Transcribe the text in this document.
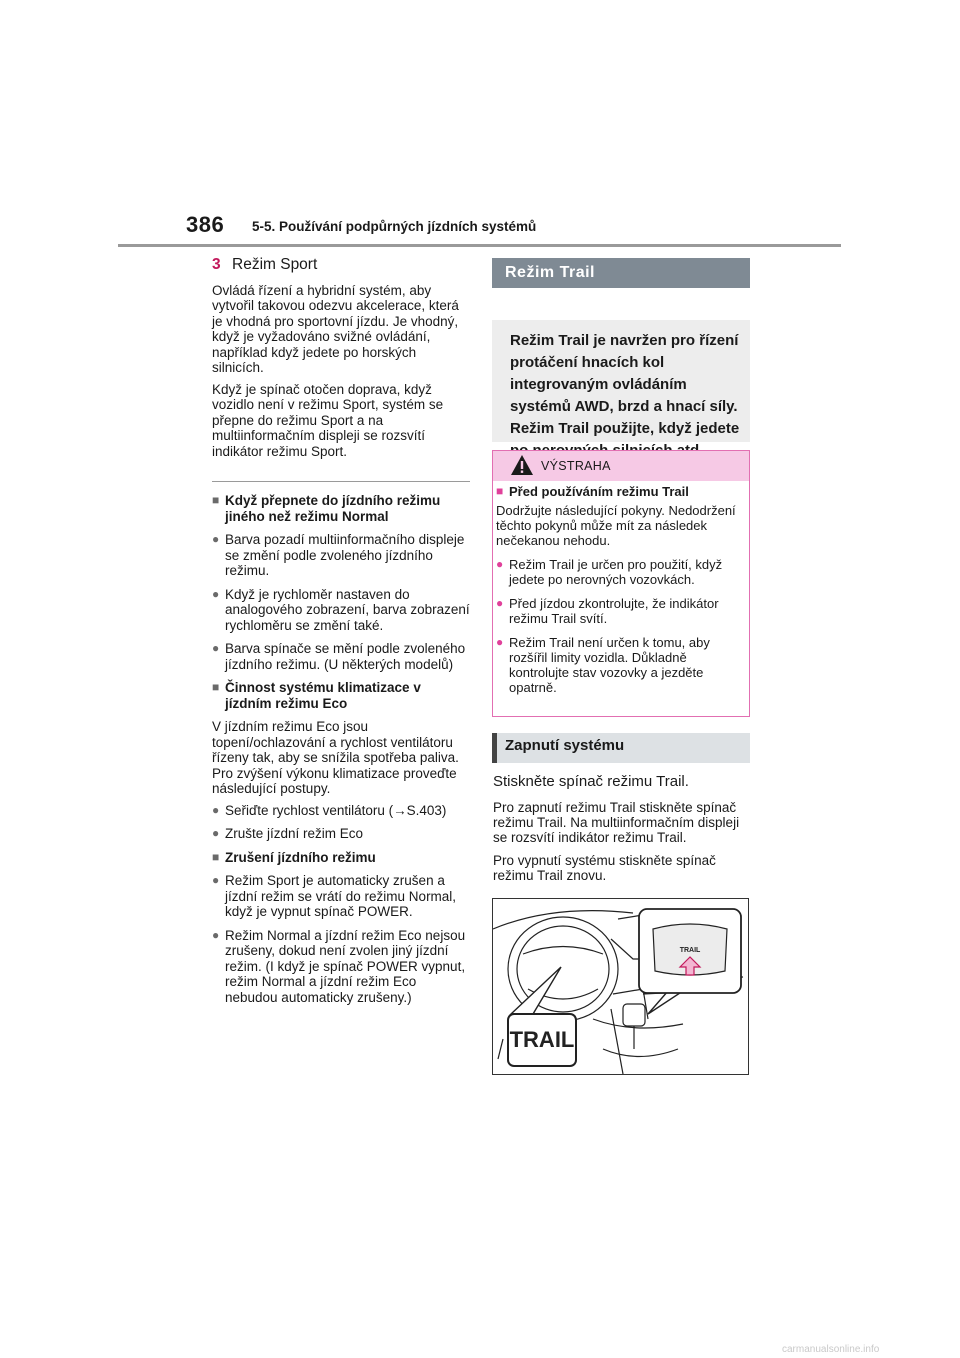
386 5-5. Používání podpůrných jízdních systémů
3 Režim Sport
Ovládá řízení a hybridní systém, aby vytvořil takovou odezvu akcelerace, která je vhodná pro sportovní jízdu. Je vhodný, když je vyžadováno svižné ovládání, například když jedete po horských silnicích.
Když je spínač otočen doprava, když vozidlo není v režimu Sport, systém se přepne do režimu Sport a na multiinformačním displeji se rozsvítí indikátor režimu Sport.
■ Když přepnete do jízdního režimu jiného než režimu Normal
● Barva pozadí multiinformačního displeje se změní podle zvoleného jízdního režimu.
● Když je rychloměr nastaven do analogového zobrazení, barva zobrazení rychloměru se změní také.
● Barva spínače se mění podle zvoleného jízdního režimu. (U některých modelů)
■ Činnost systému klimatizace v jízdním režimu Eco
V jízdním režimu Eco jsou topení/ochlazování a rychlost ventilátoru řízeny tak, aby se snížila spotřeba paliva. Pro zvýšení výkonu klimatizace proveďte následující postupy.
● Seřiďte rychlost ventilátoru (→S.403)
● Zrušte jízdní režim Eco
■ Zrušení jízdního režimu
● Režim Sport je automaticky zrušen a jízdní režim se vrátí do režimu Normal, když je vypnut spínač POWER.
● Režim Normal a jízdní režim Eco nejsou zrušeny, dokud není zvolen jiný jízdní režim. (I když je spínač POWER vypnut, režim Normal a jízdní režim Eco nebudou automaticky zrušeny.)
Režim Trail
Režim Trail je navržen pro řízení protáčení hnacích kol integrovaným ovládáním systémů AWD, brzd a hnací síly. Režim Trail použijte, když jedete
VÝSTRAHA
■ Před používáním režimu Trail
Dodržujte následující pokyny. Nedodržení těchto pokynů může mít za následek nečekanou nehodu.
● Režim Trail je určen pro použití, když jedete po nerovných vozovkách.
● Před jízdou zkontrolujte, že indikátor režimu Trail svítí.
● Režim Trail není určen k tomu, aby rozšířil limity vozidla. Důkladně kontrolujte stav vozovky a jezděte opatrně.
Zapnutí systému
Stiskněte spínač režimu Trail.
Pro zapnutí režimu Trail stiskněte spínač režimu Trail. Na multiinformačním displeji se rozsvítí indikátor režimu Trail.
Pro vypnutí systému stiskněte spínač režimu Trail znovu.
TRAIL
TRAIL
carmanualsonline.info
